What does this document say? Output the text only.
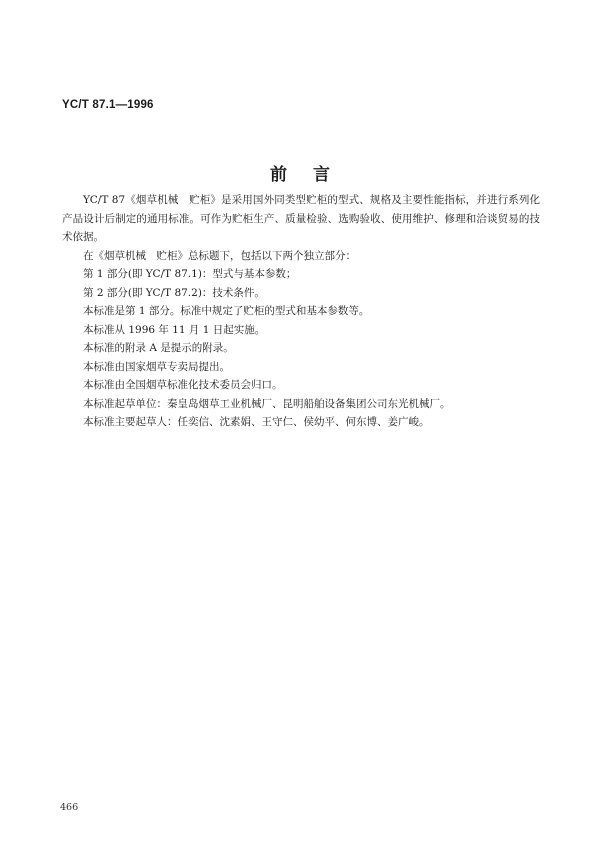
YC/T 87.1—1996
前言

YC/T 87《烟草机械　贮柜》是采用国外同类型贮柜的型式、规格及主要性能指标，并进行系列化产品设计后制定的通用标准。可作为贮柜生产、质量检验、选购验收、使用维护、修理和洽谈贸易的技术依据。

在《烟草机械　贮柜》总标题下，包括以下两个独立部分：

第 1 部分(即 YC/T 87.1)：型式与基本参数；

第 2 部分(即 YC/T 87.2)：技术条件。

本标准是第 1 部分。标准中规定了贮柜的型式和基本参数等。

本标准从 1996 年 11 月 1 日起实施。

本标准的附录 A 是提示的附录。

本标准由国家烟草专卖局提出。

本标准由全国烟草标准化技术委员会归口。

本标准起草单位：秦皇岛烟草工业机械厂、昆明船舶设备集团公司东光机械厂。

本标准主要起草人：任奕信、沈素娟、王守仁、侯幼平、何东博、姜广峻。

466
